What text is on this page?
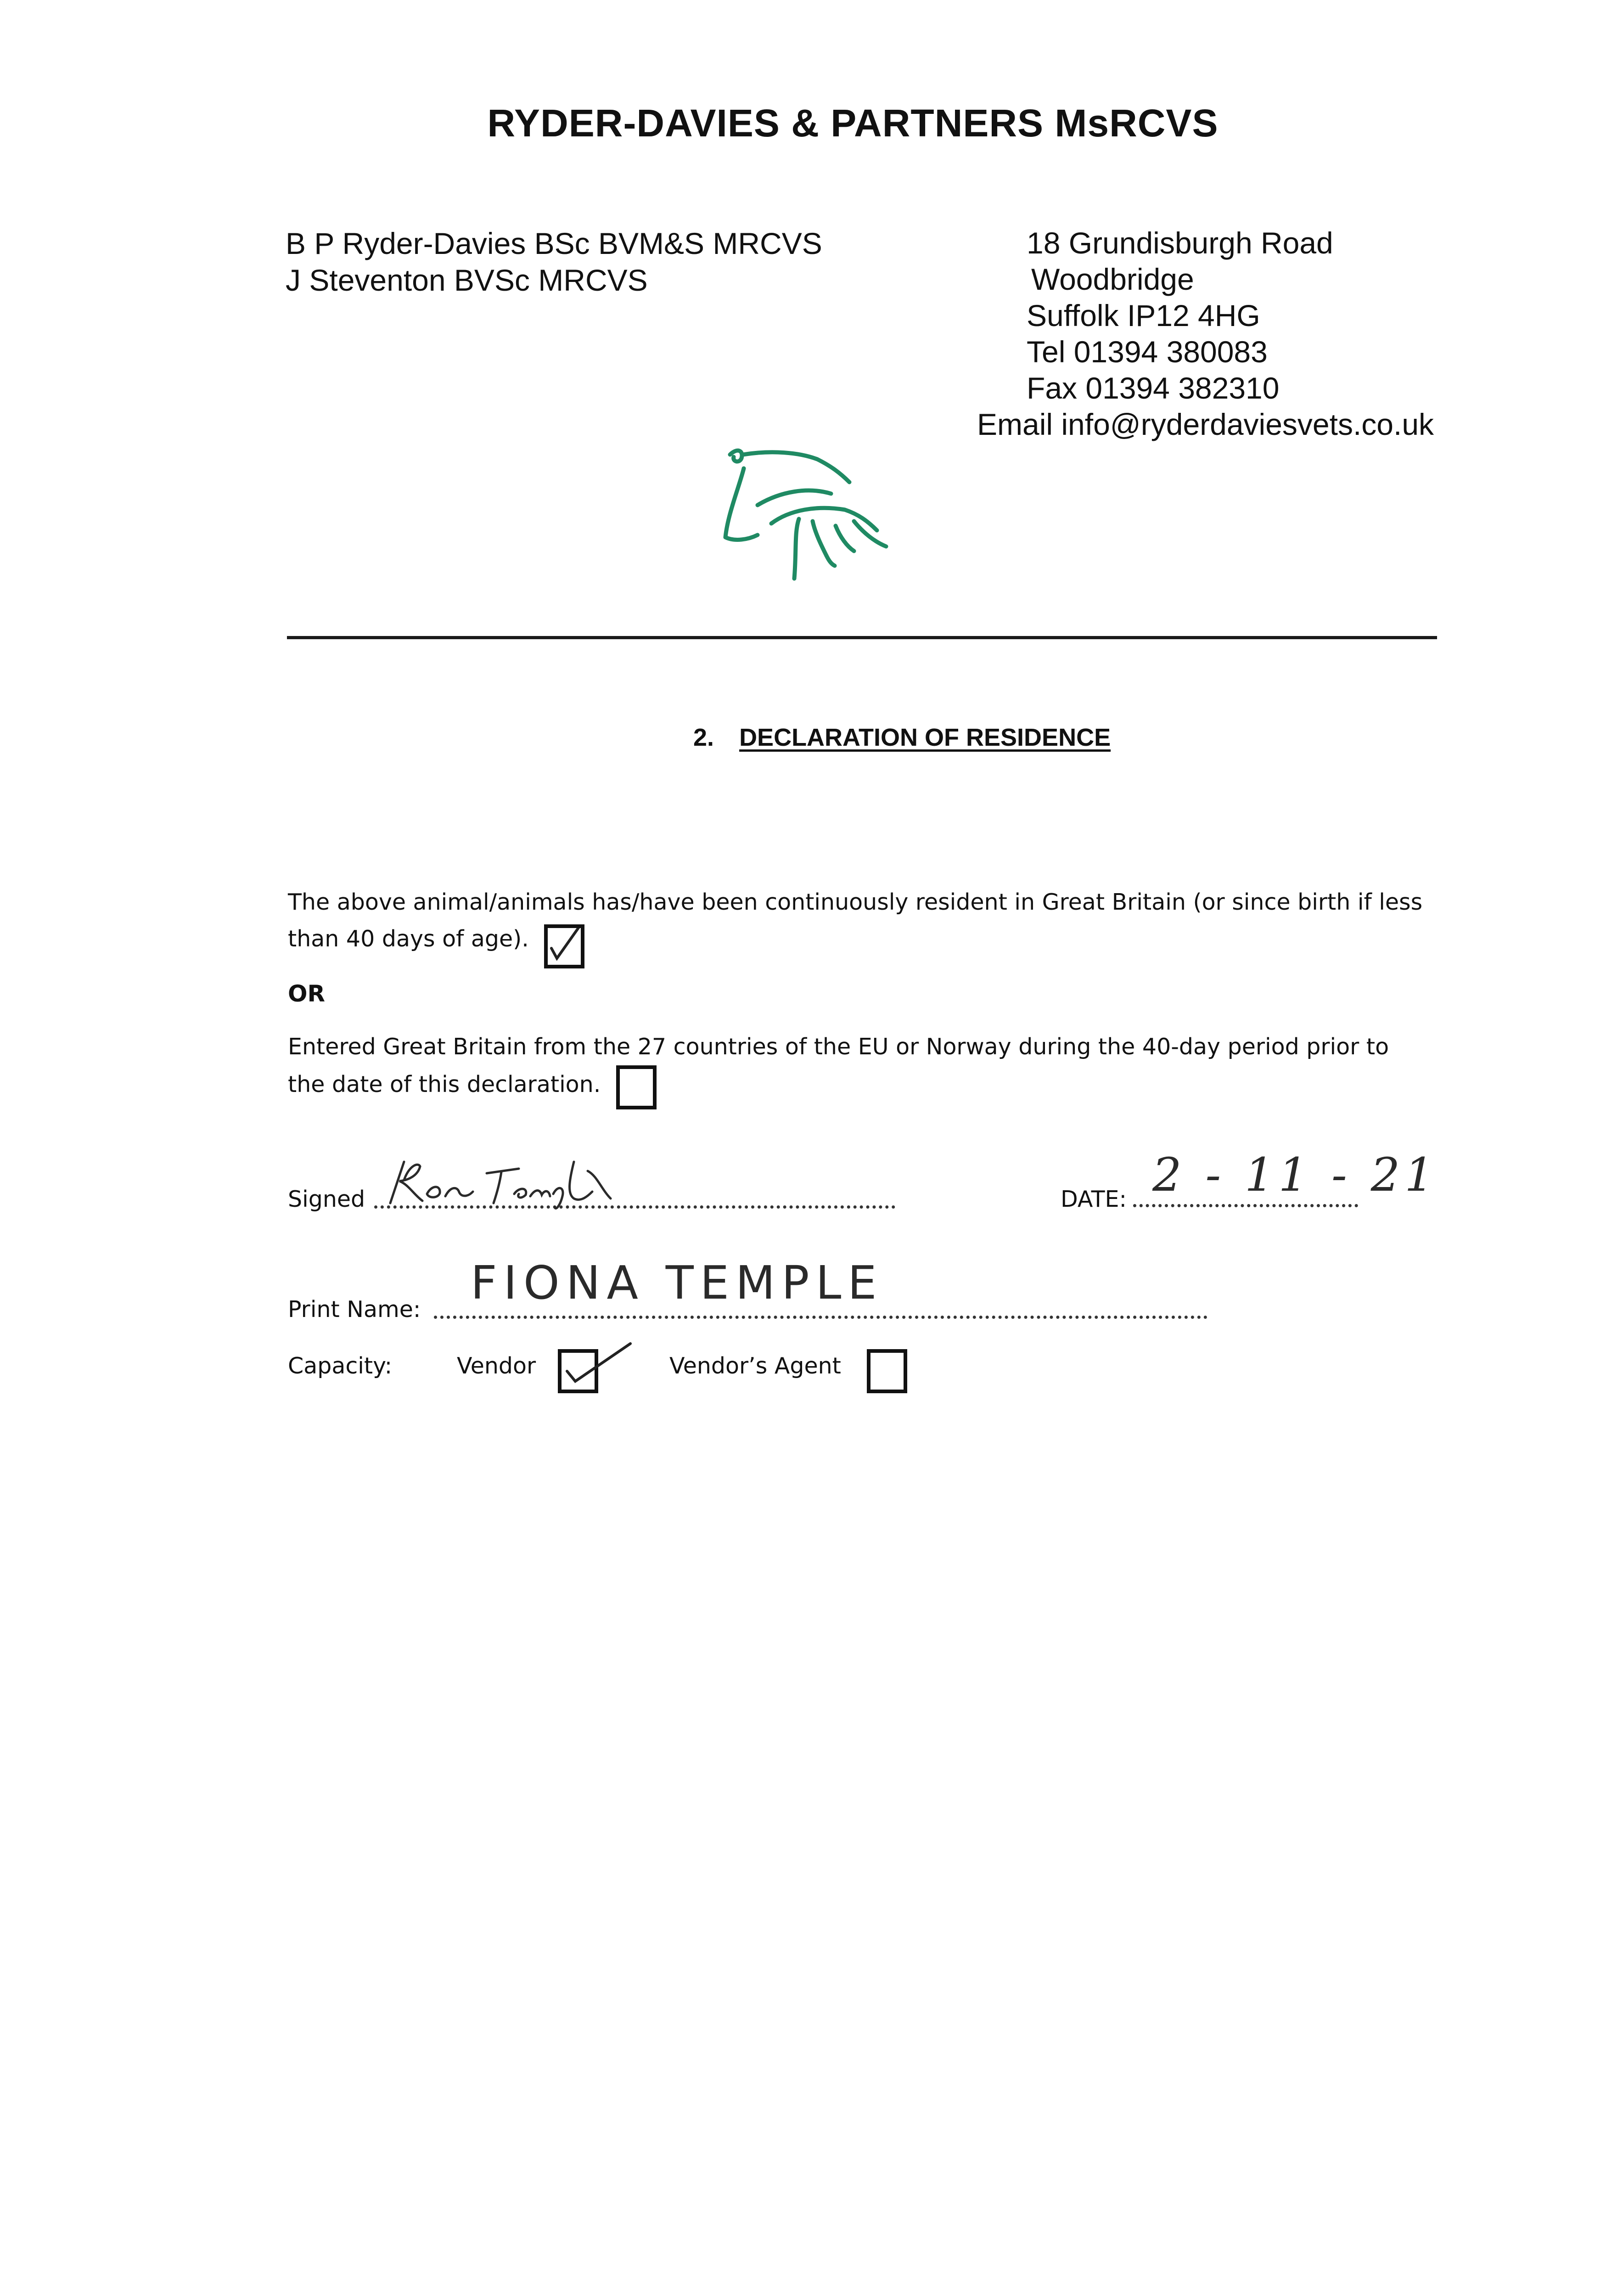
RYDER-DAVIES & PARTNERS MsRCVS
B P Ryder-Davies BSc BVM&S MRCVS
J Steventon BVSc MRCVS
18 Grundisburgh Road
Woodbridge
Suffolk IP12 4HG
Tel 01394 380083
Fax 01394 382310
Email info@ryderdaviesvets.co.uk
2. DECLARATION OF RESIDENCE
The above animal/animals has/have been continuously resident in Great Britain (or since birth if less
than 40 days of age).
OR
Entered Great Britain from the 27 countries of the EU or Norway during the 40-day period prior to
the date of this declaration.
Signed	DATE: 2 - 11 - 21
Print Name: FIONA TEMPLE
Capacity:	Vendor	Vendor’s Agent
